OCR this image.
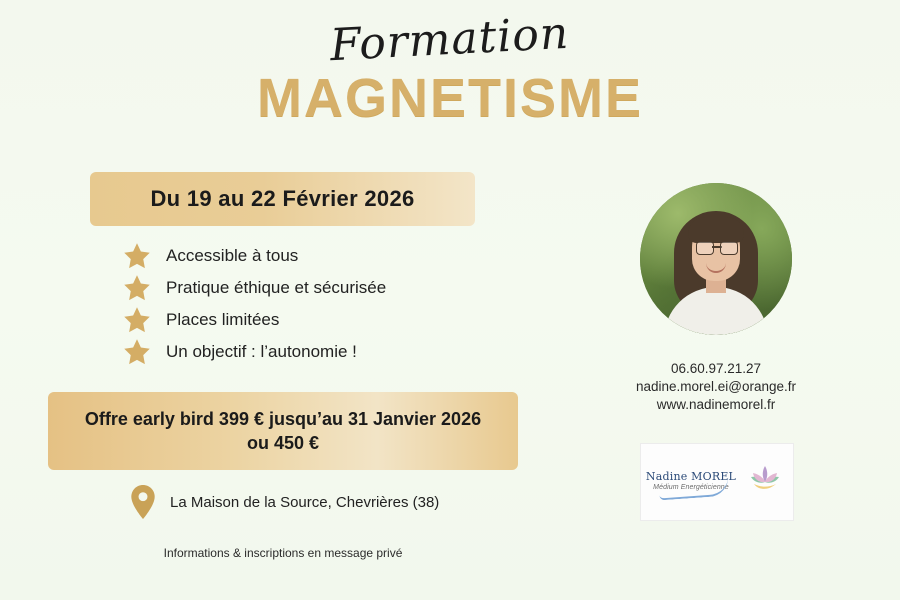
Formation
MAGNETISME
Du 19 au 22 Février 2026
Accessible à tous
Pratique éthique et sécurisée
Places limitées
Un objectif : l’autonomie !
Offre early bird 399 € jusqu’au 31 Janvier 2026
ou 450 €
La Maison de la Source, Chevrières (38)
Informations & inscriptions en message privé
06.60.97.21.27
nadine.morel.ei@orange.fr
www.nadinemorel.fr
Nadine MOREL
Médium Energéticienne
